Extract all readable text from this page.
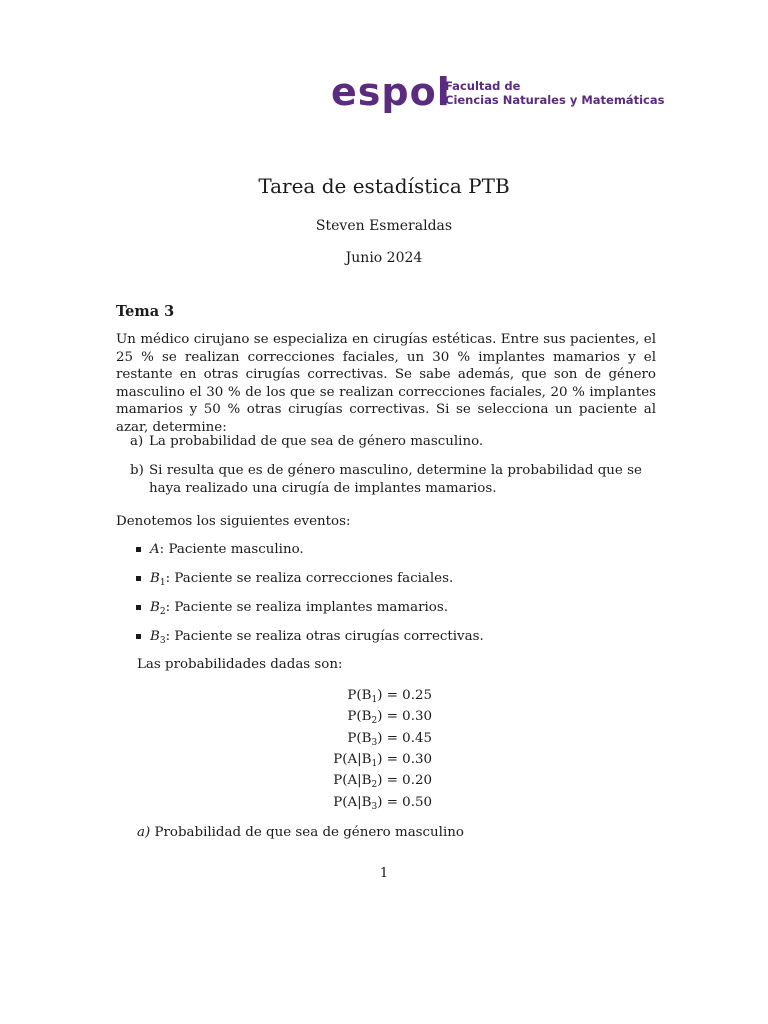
espol
Facultad de
Ciencias Naturales y Matemáticas
Tarea de estadística PTB
Steven Esmeraldas
Junio 2024
Tema 3
Un médico cirujano se especializa en cirugías estéticas. Entre sus pacientes, el 25 % se realizan correcciones faciales, un 30 % implantes mamarios y el restante en otras cirugías correctivas. Se sabe además, que son de género masculino el 30 % de los que se realizan correcciones faciales, 20 % implantes mamarios y 50 % otras cirugías correctivas. Si se selecciona un paciente al azar, determine:
a) La probabilidad de que sea de género masculino.
b) Si resulta que es de género masculino, determine la probabilidad que se haya realizado una cirugía de implantes mamarios.
Denotemos los siguientes eventos:
A: Paciente masculino.
$B_1$: Paciente se realiza correcciones faciales.
$B_2$: Paciente se realiza implantes mamarios.
$B_3$: Paciente se realiza otras cirugías correctivas.
Las probabilidades dadas son:
$P(B_1) = 0.25$
$P(B_2) = 0.30$
$P(B_3) = 0.45$
$P(A|B_1) = 0.30$
$P(A|B_2) = 0.20$
$P(A|B_3) = 0.50$
a) Probabilidad de que sea de género masculino
1
